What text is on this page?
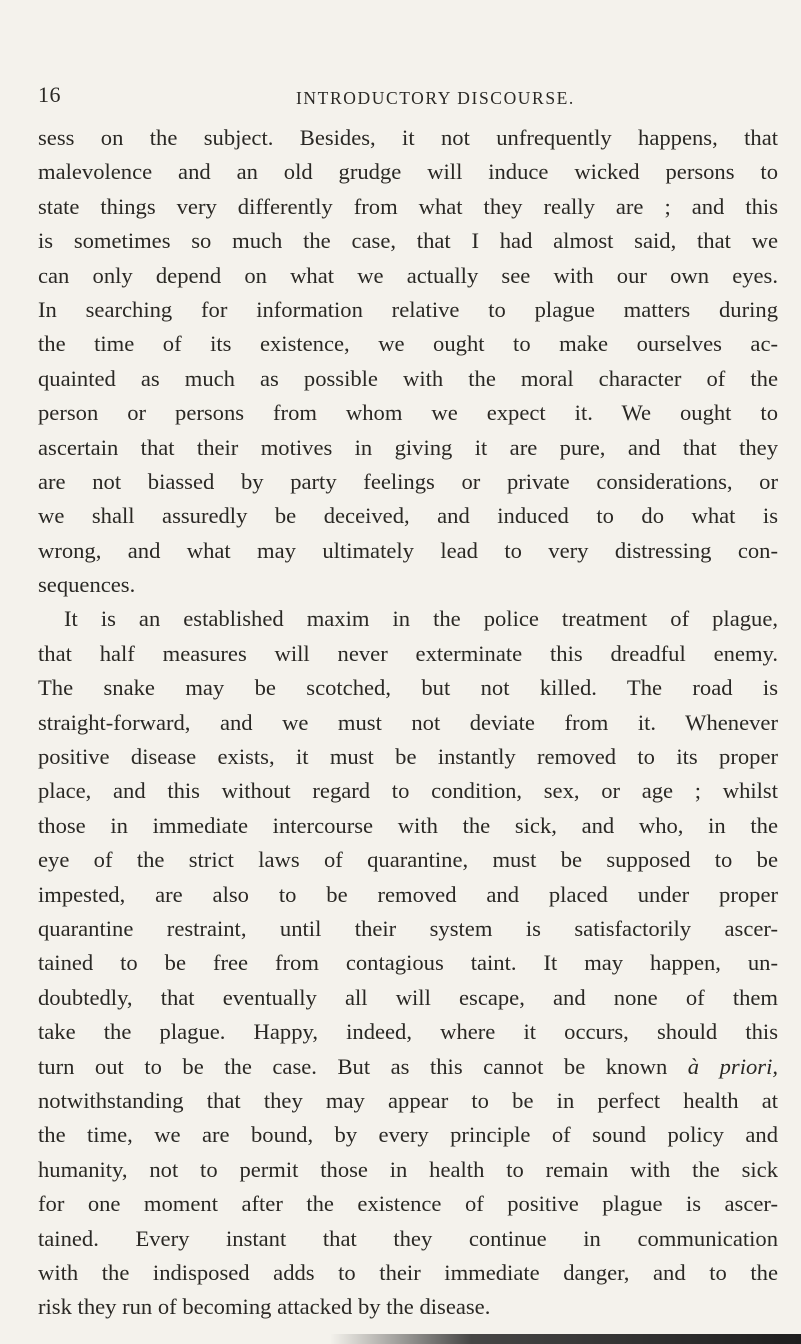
16	INTRODUCTORY DISCOURSE.
sess on the subject. Besides, it not unfrequently happens, that
malevolence and an old grudge will induce wicked persons to
state things very differently from what they really are ; and this
is sometimes so much the case, that I had almost said, that we
can only depend on what we actually see with our own eyes.
In searching for information relative to plague matters during
the time of its existence, we ought to make ourselves ac-
quainted as much as possible with the moral character of the
person or persons from whom we expect it. We ought to
ascertain that their motives in giving it are pure, and that they
are not biassed by party feelings or private considerations, or
we shall assuredly be deceived, and induced to do what is
wrong, and what may ultimately lead to very distressing con-
sequences.
It is an established maxim in the police treatment of plague,
that half measures will never exterminate this dreadful enemy.
The snake may be scotched, but not killed. The road is
straight-forward, and we must not deviate from it. Whenever
positive disease exists, it must be instantly removed to its proper
place, and this without regard to condition, sex, or age ; whilst
those in immediate intercourse with the sick, and who, in the
eye of the strict laws of quarantine, must be supposed to be
impested, are also to be removed and placed under proper
quarantine restraint, until their system is satisfactorily ascer-
tained to be free from contagious taint. It may happen, un-
doubtedly, that eventually all will escape, and none of them
take the plague. Happy, indeed, where it occurs, should this
turn out to be the case. But as this cannot be known à priori,
notwithstanding that they may appear to be in perfect health at
the time, we are bound, by every principle of sound policy and
humanity, not to permit those in health to remain with the sick
for one moment after the existence of positive plague is ascer-
tained. Every instant that they continue in communication
with the indisposed adds to their immediate danger, and to the
risk they run of becoming attacked by the disease.
